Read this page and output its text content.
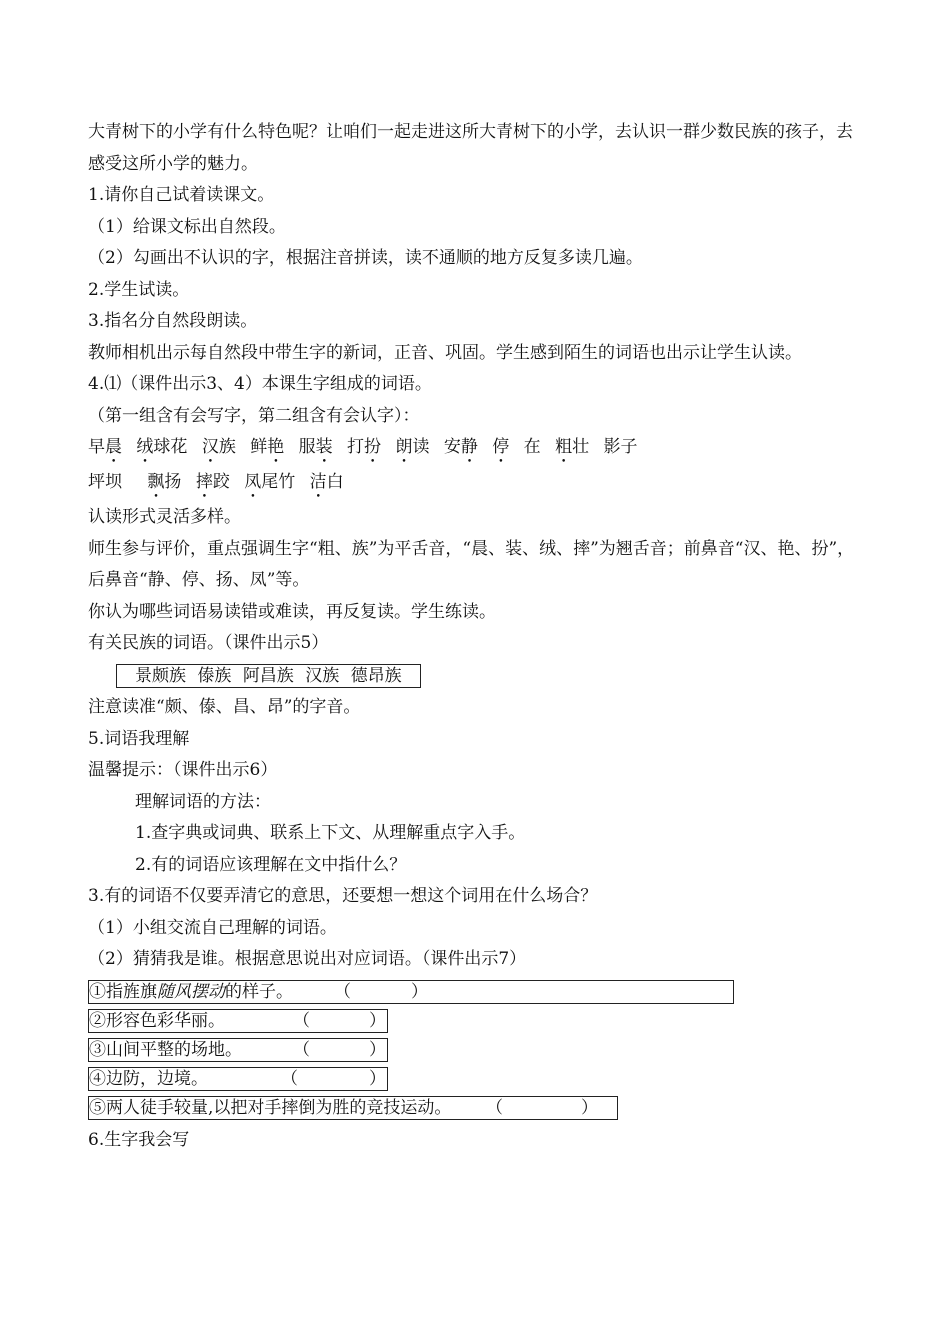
大青树下的小学有什么特色呢？让咱们一起走进这所大青树下的小学，去认识一群少数民族的孩子，去感受这所小学的魅力。
1.请你自己试着读课文。
（1）给课文标出自然段。
（2）勾画出不认识的字，根据注音拼读，读不通顺的地方反复多读几遍。
2.学生试读。
3.指名分自然段朗读。
教师相机出示每自然段中带生字的新词，正音、巩固。学生感到陌生的词语也出示让学生认读。
4.⑴（课件出示3、4）本课生字组成的词语。
（第一组含有会写字，第二组含有会认字）：
早晨 绒球花 汉族 鲜艳 服装 打扮 朗读 安静 停 在 粗壮 影子
坪坝 飘扬 摔跤 凤尾竹 洁白
认读形式灵活多样。
师生参与评价，重点强调生字“粗、族”为平舌音，“晨、装、绒、摔”为翘舌音；前鼻音“汉、艳、扮”，后鼻音“静、停、扬、凤”等。
你认为哪些词语易读错或难读，再反复读。学生练读。
有关民族的词语。（课件出示5）
景颇族 傣族 阿昌族 汉族 德昂族
注意读准“颇、傣、昌、昂”的字音。
5.词语我理解
温馨提示：（课件出示6）
理解词语的方法：
1.查字典或词典、联系上下文、从理解重点字入手。
2.有的词语应该理解在文中指什么？
3.有的词语不仅要弄清它的意思，还要想一想这个词用在什么场合？
（1）小组交流自己理解的词语。
（2）猜猜我是谁。根据意思说出对应词语。（课件出示7）
①指旌旗随风摆动的样子。 （	）
②形容色彩华丽。	（	）
③山间平整的场地。	（	）
④边防，边境。	（	）
⑤两人徒手较量,以把对手摔倒为胜的竞技运动。 （	）
6.生字我会写
